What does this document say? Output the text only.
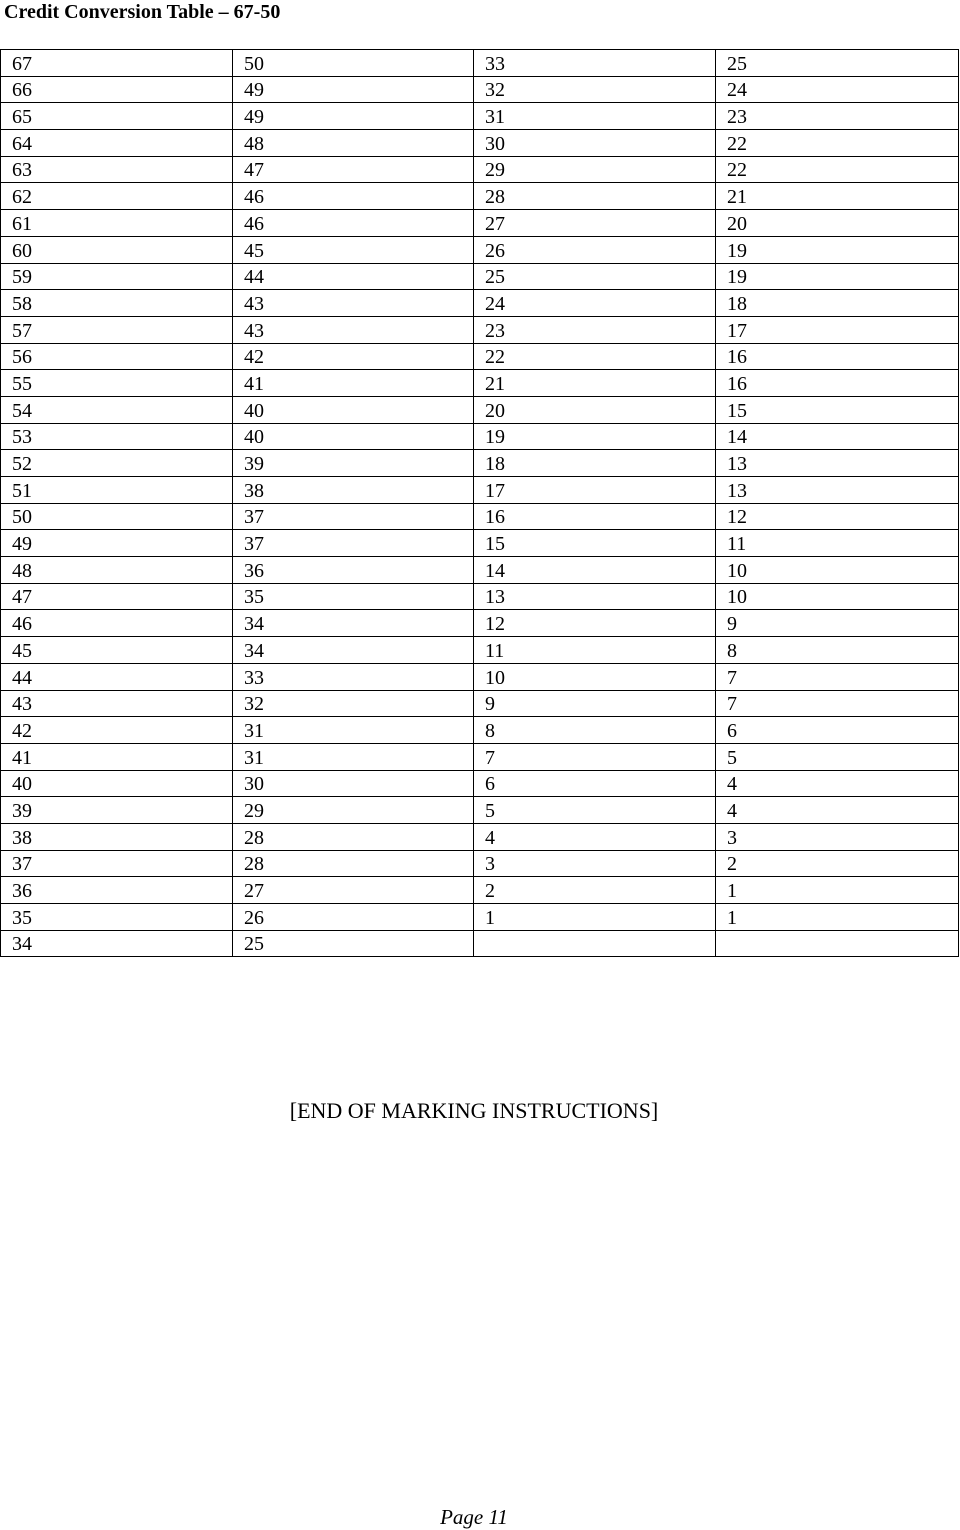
Credit Conversion Table – 67-50
67	50	33	25
66	49	32	24
65	49	31	23
64	48	30	22
63	47	29	22
62	46	28	21
61	46	27	20
60	45	26	19
59	44	25	19
58	43	24	18
57	43	23	17
56	42	22	16
55	41	21	16
54	40	20	15
53	40	19	14
52	39	18	13
51	38	17	13
50	37	16	12
49	37	15	11
48	36	14	10
47	35	13	10
46	34	12	9
45	34	11	8
44	33	10	7
43	32	9	7
42	31	8	6
41	31	7	5
40	30	6	4
39	29	5	4
38	28	4	3
37	28	3	2
36	27	2	1
35	26	1	1
34	25		
[END OF MARKING INSTRUCTIONS]
Page 11
